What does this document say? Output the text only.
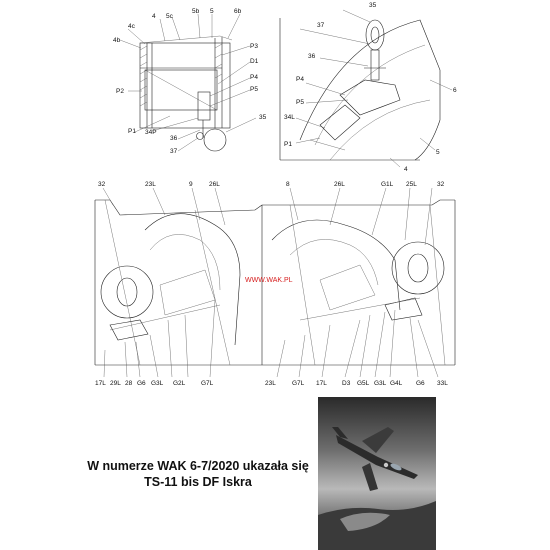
4b
4c
4 5c
5b 5	6b
P3
D1
P4
P5
P2
P1 34P
36
37
35
35
37
36
P4
P5
34L
P1
6
5
4
32	23L	9	26L
17L 29L 28 G6 G3L G2L G7L
8	26L	G1L 25L	32
23L G7L 17L D3 G5L G3L G4L G6 33L
WWW.WAK.PL
W numerze WAK 6-7/2020 ukazała się
TS-11 bis DF Iskra
